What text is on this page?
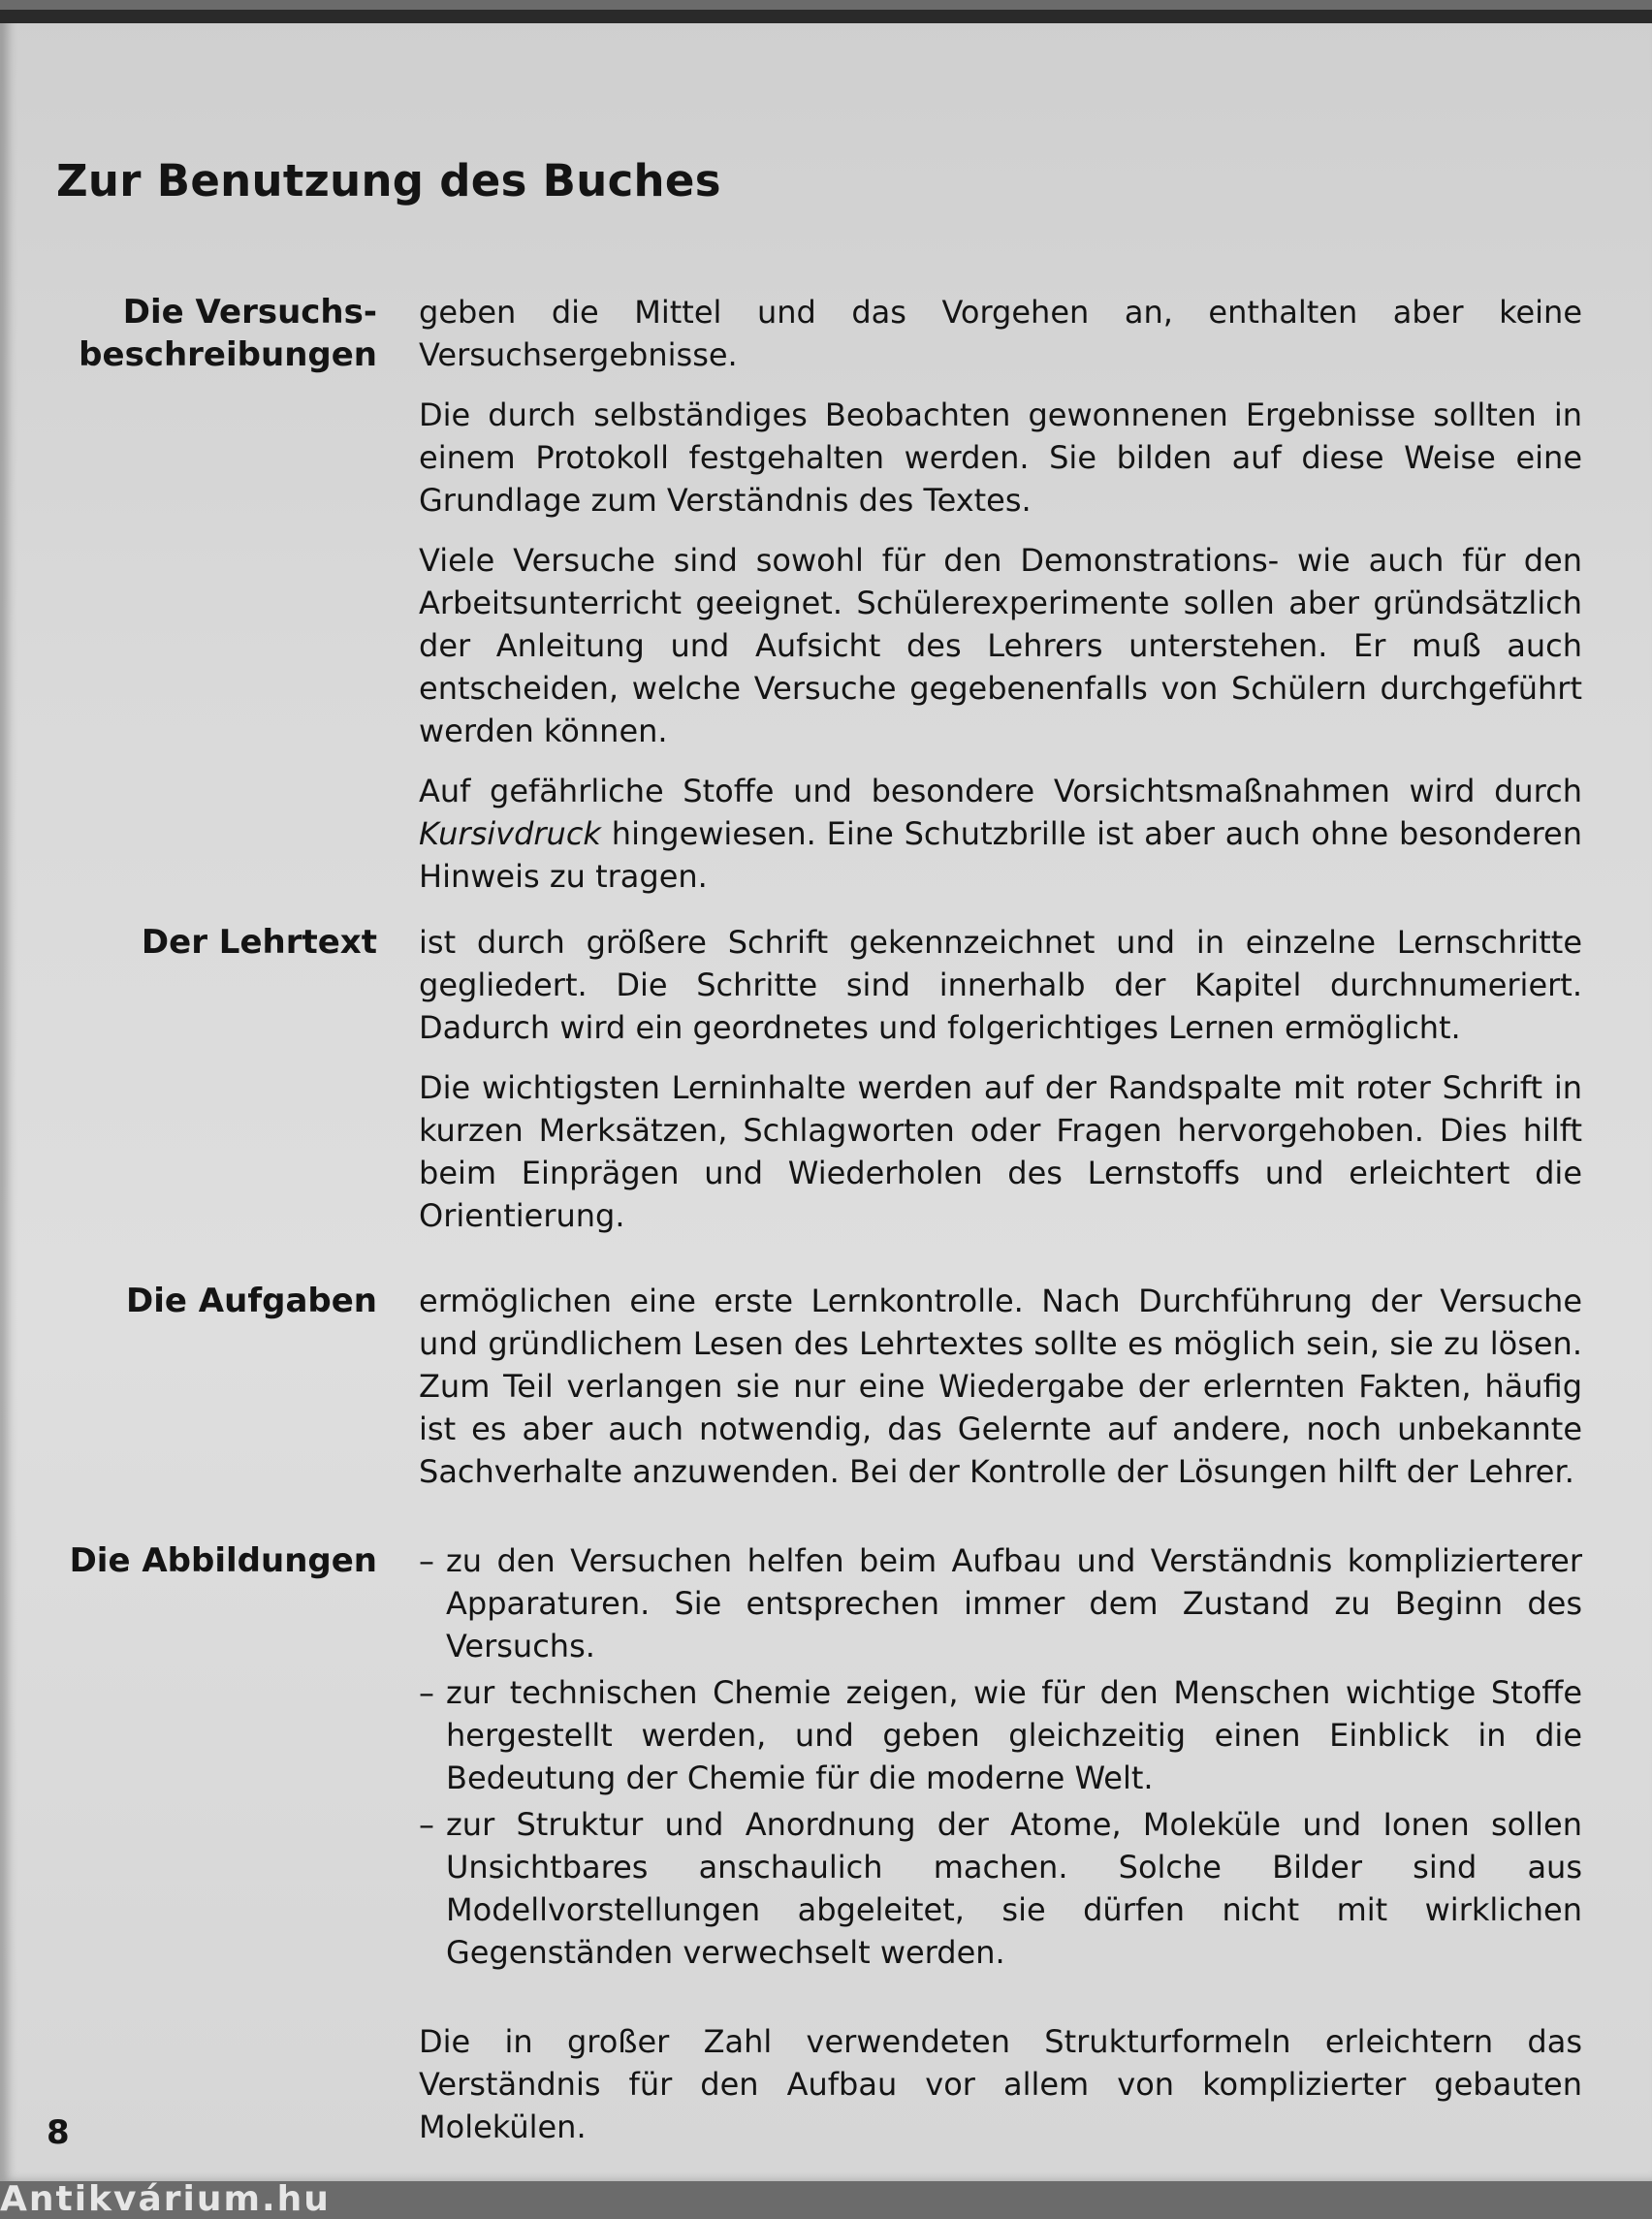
Zur Benutzung des Buches
Die Versuchs-
beschreibungen

geben die Mittel und das Vorgehen an, enthalten aber keine Versuchsergebnisse.

Die durch selbständiges Beobachten gewonnenen Ergebnisse sollten in einem Protokoll festgehalten werden. Sie bilden auf diese Weise eine Grundlage zum Verständnis des Textes.

Viele Versuche sind sowohl für den Demonstrations- wie auch für den Arbeitsunterricht geeignet. Schülerexperimente sollen aber gründsätzlich der Anleitung und Aufsicht des Lehrers unterstehen. Er muß auch entscheiden, welche Versuche gegebenenfalls von Schülern durchgeführt werden können.

Auf gefährliche Stoffe und besondere Vorsichtsmaßnahmen wird durch Kursivdruck hingewiesen. Eine Schutzbrille ist aber auch ohne besonderen Hinweis zu tragen.

Der Lehrtext ist durch größere Schrift gekennzeichnet und in einzelne Lernschritte gegliedert. Die Schritte sind innerhalb der Kapitel durchnumeriert. Dadurch wird ein geordnetes und folgerichtiges Lernen ermöglicht.

Die wichtigsten Lerninhalte werden auf der Randspalte mit roter Schrift in kurzen Merksätzen, Schlagworten oder Fragen hervorgehoben. Dies hilft beim Einprägen und Wiederholen des Lernstoffs und erleichtert die Orientierung.

Die Aufgaben ermöglichen eine erste Lernkontrolle. Nach Durchführung der Versuche und gründlichem Lesen des Lehrtextes sollte es möglich sein, sie zu lösen. Zum Teil verlangen sie nur eine Wiedergabe der erlernten Fakten, häufig ist es aber auch notwendig, das Gelernte auf andere, noch unbekannte Sachverhalte anzuwenden. Bei der Kontrolle der Lösungen hilft der Lehrer.

Die Abbildungen – zu den Versuchen helfen beim Aufbau und Verständnis komplizierterer Apparaturen. Sie entsprechen immer dem Zustand zu Beginn des Versuchs.
– zur technischen Chemie zeigen, wie für den Menschen wichtige Stoffe hergestellt werden, und geben gleichzeitig einen Einblick in die Bedeutung der Chemie für die moderne Welt.
– zur Struktur und Anordnung der Atome, Moleküle und Ionen sollen Unsichtbares anschaulich machen. Solche Bilder sind aus Modellvorstellungen abgeleitet, sie dürfen nicht mit wirklichen Gegenständen verwechselt werden.

Die in großer Zahl verwendeten Strukturformeln erleichtern das Verständnis für den Aufbau vor allem von komplizierter gebauten Molekülen.

8
Antikvárium.hu
